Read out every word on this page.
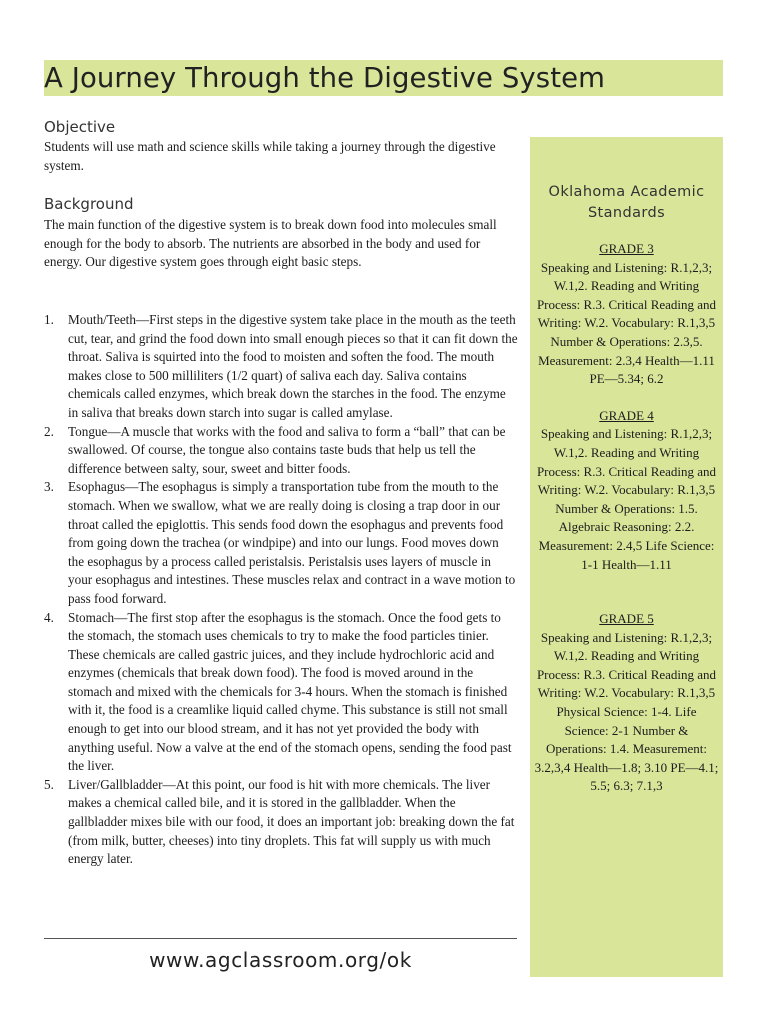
A Journey Through the Digestive System
Objective

Students will use math and science skills while taking a journey through the digestive system.

Background

The main function of the digestive system is to break down food into molecules small enough for the body to absorb. The nutrients are absorbed in the body and used for energy. Our digestive system goes through eight basic steps.

1. Mouth/Teeth—First steps in the digestive system take place in the mouth as the teeth cut, tear, and grind the food down into small enough pieces so that it can fit down the throat. Saliva is squirted into the food to moisten and soften the food. The mouth makes close to 500 milliliters (1/2 quart) of saliva each day. Saliva contains chemicals called enzymes, which break down the starches in the food. The enzyme in saliva that breaks down starch into sugar is called amylase.
2. Tongue—A muscle that works with the food and saliva to form a “ball” that can be swallowed. Of course, the tongue also contains taste buds that help us tell the difference between salty, sour, sweet and bitter foods.
3. Esophagus—The esophagus is simply a transportation tube from the mouth to the stomach. When we swallow, what we are really doing is closing a trap door in our throat called the epiglottis. This sends food down the esophagus and prevents food from going down the trachea (or windpipe) and into our lungs. Food moves down the esophagus by a process called peristalsis. Peristalsis uses layers of muscle in your esophagus and intestines. These muscles relax and contract in a wave motion to pass food forward.
4. Stomach—The first stop after the esophagus is the stomach. Once the food gets to the stomach, the stomach uses chemicals to try to make the food particles tinier. These chemicals are called gastric juices, and they include hydrochloric acid and enzymes (chemicals that break down food). The food is moved around in the stomach and mixed with the chemicals for 3-4 hours. When the stomach is finished with it, the food is a creamlike liquid called chyme. This substance is still not small enough to get into our blood stream, and it has not yet provided the body with anything useful. Now a valve at the end of the stomach opens, sending the food past the liver.
5. Liver/Gallbladder—At this point, our food is hit with more chemicals. The liver makes a chemical called bile, and it is stored in the gallbladder. When the gallbladder mixes bile with our food, it does an important job: breaking down the fat (from milk, butter, cheeses) into tiny droplets. This fat will supply us with much energy later.
www.agclassroom.org/ok

Oklahoma Academic Standards

GRADE 3
Speaking and Listening: R.1,2,3; W.1,2. Reading and Writing Process: R.3. Critical Reading and Writing: W.2. Vocabulary: R.1,3,5 Number & Operations: 2.3,5. Measurement: 2.3,4 Health—1.11 PE—5.34; 6.2
GRADE 4
Speaking and Listening: R.1,2,3; W.1,2. Reading and Writing Process: R.3. Critical Reading and Writing: W.2. Vocabulary: R.1,3,5 Number & Operations: 1.5. Algebraic Reasoning: 2.2. Measurement: 2.4,5 Life Science: 1-1 Health—1.11
GRADE 5
Speaking and Listening: R.1,2,3; W.1,2. Reading and Writing Process: R.3. Critical Reading and Writing: W.2. Vocabulary: R.1,3,5 Physical Science: 1-4. Life Science: 2-1 Number & Operations: 1.4. Measurement: 3.2,3,4 Health—1.8; 3.10 PE—4.1; 5.5; 6.3; 7.1,3
